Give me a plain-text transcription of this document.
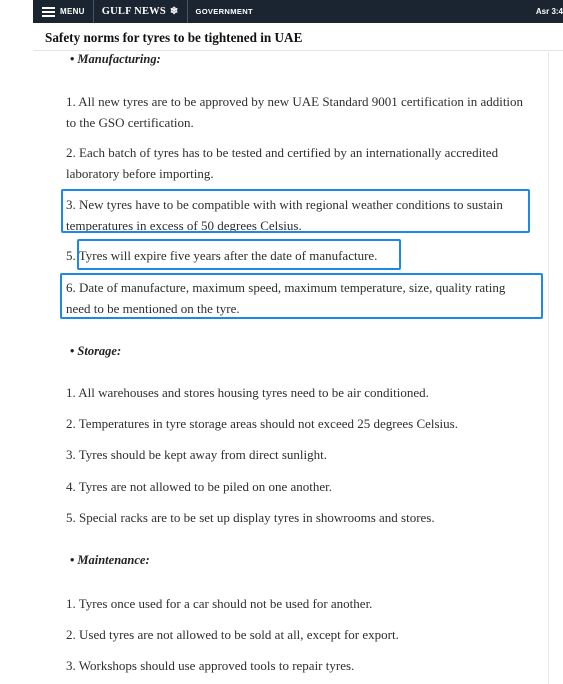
• Manufacturing:
1. All new tyres are to be approved by new UAE Standard 9001 certification in addition
to the GSO certification.
2. Each batch of tyres has to be tested and certified by an internationally accredited
laboratory before importing.
3. New tyres have to be compatible with with regional weather conditions to sustain
temperatures in excess of 50 degrees Celsius.
5. Tyres will expire five years after the date of manufacture.
6. Date of manufacture, maximum speed, maximum temperature, size, quality rating
need to be mentioned on the tyre.
• Storage:
1. All warehouses and stores housing tyres need to be air conditioned.
2. Temperatures in tyre storage areas should not exceed 25 degrees Celsius.
3. Tyres should be kept away from direct sunlight.
4. Tyres are not allowed to be piled on one another.
5. Special racks are to be set up display tyres in showrooms and stores.
• Maintenance:
1. Tyres once used for a car should not be used for another.
2. Used tyres are not allowed to be sold at all, except for export.
3. Workshops should use approved tools to repair tyres.
MENU GULF NEWS ❄ GOVERNMENT	Asr 3:4
Safety norms for tyres to be tightened in UAE
